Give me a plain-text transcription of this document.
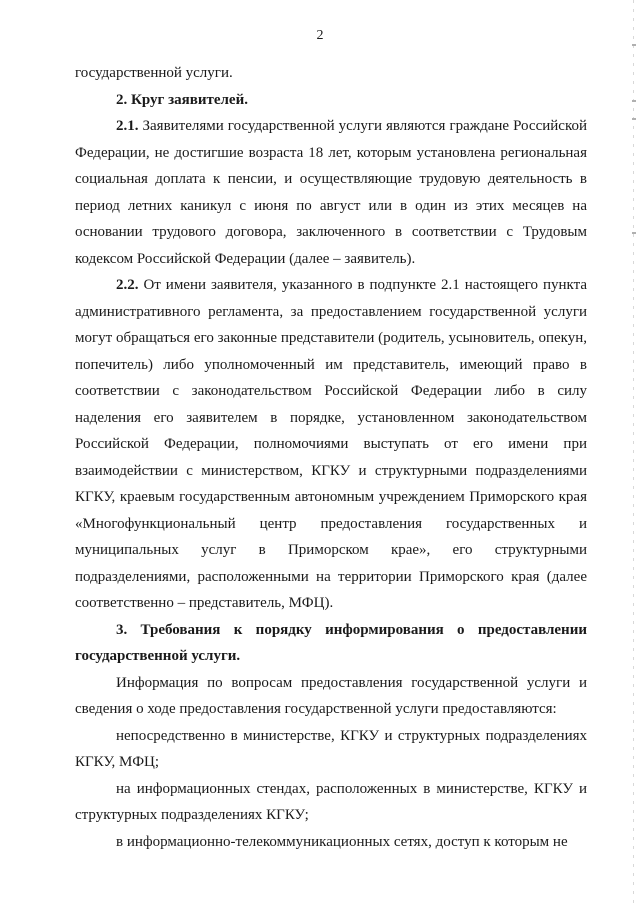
2

государственной услуги.

2. Круг заявителей.

2.1. Заявителями государственной услуги являются граждане Российской Федерации, не достигшие возраста 18 лет, которым установлена региональная социальная доплата к пенсии, и осуществляющие трудовую деятельность в период летних каникул с июня по август или в один из этих месяцев на основании трудового договора, заключенного в соответствии с Трудовым кодексом Российской Федерации (далее – заявитель).

2.2. От имени заявителя, указанного в подпункте 2.1 настоящего пункта административного регламента, за предоставлением государственной услуги могут обращаться его законные представители (родитель, усыновитель, опекун, попечитель) либо уполномоченный им представитель, имеющий право в соответствии с законодательством Российской Федерации либо в силу наделения его заявителем в порядке, установленном законодательством Российской Федерации, полномочиями выступать от его имени при взаимодействии с министерством, КГКУ и структурными подразделениями КГКУ, краевым государственным автономным учреждением Приморского края «Многофункциональный центр предоставления государственных и муниципальных услуг в Приморском крае», его структурными подразделениями, расположенными на территории Приморского края (далее соответственно – представитель, МФЦ).

3. Требования к порядку информирования о предоставлении государственной услуги.

Информация по вопросам предоставления государственной услуги и сведения о ходе предоставления государственной услуги предоставляются:

непосредственно в министерстве, КГКУ и структурных подразделениях КГКУ, МФЦ;

на информационных стендах, расположенных в министерстве, КГКУ и структурных подразделениях КГКУ;

в информационно-телекоммуникационных сетях, доступ к которым не
